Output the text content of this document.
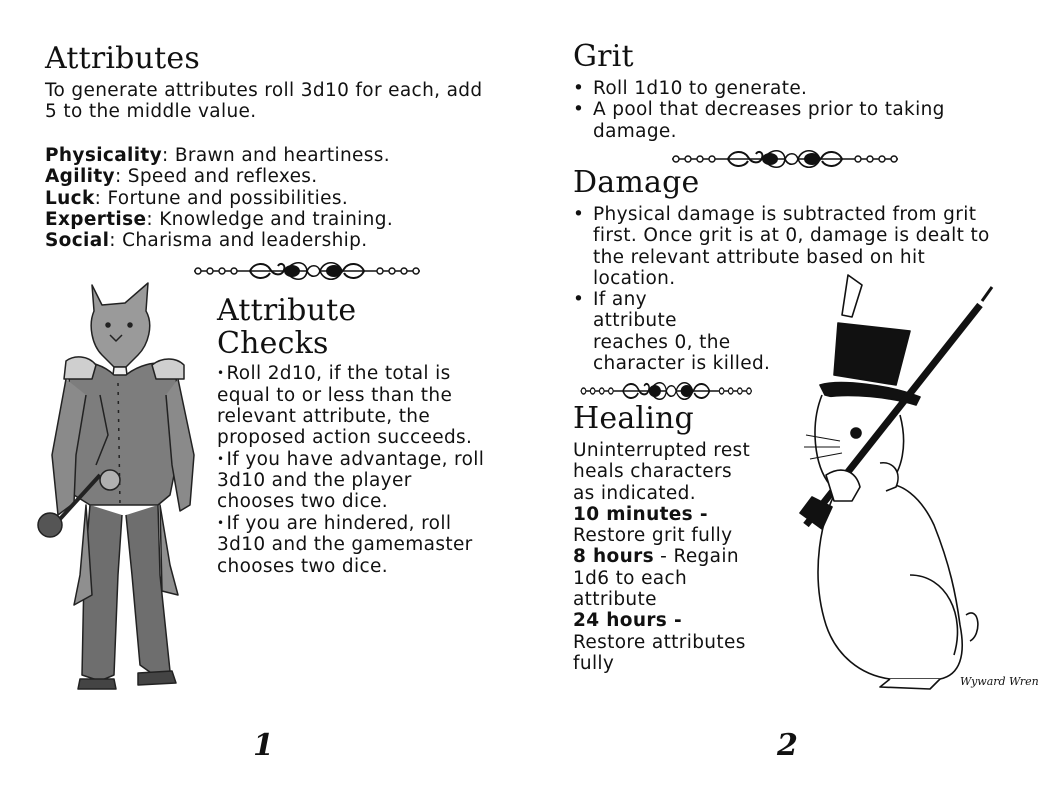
Attributes

To generate attributes roll 3d10 for each, add 5 to the middle value.

Physicality: Brawn and heartiness.

Agility: Speed and reflexes.

Luck: Fortune and possibilities.

Expertise: Knowledge and training.

Social: Charisma and leadership.

Attribute
Checks

• Roll 2d10, if the total is equal to or less than the relevant attribute, the proposed action succeeds.

• If you have advantage, roll 3d10 and the player chooses two dice.

• If you are hindered, roll 3d10 and the gamemaster chooses two dice.

1
Grit

• Roll 1d10 to generate.

• A pool that decreases prior to taking damage.

Damage

• Physical damage is subtracted from grit first. Once grit is at 0, damage is dealt to the relevant attribute based on hit location.

• If any
attribute
reaches 0, the
character is killed.

Healing

Uninterrupted rest heals characters as indicated.

10 minutes - Restore grit fully

8 hours - Regain 1d6 to each attribute

24 hours - Restore attributes fully

Wyward Wren
2
